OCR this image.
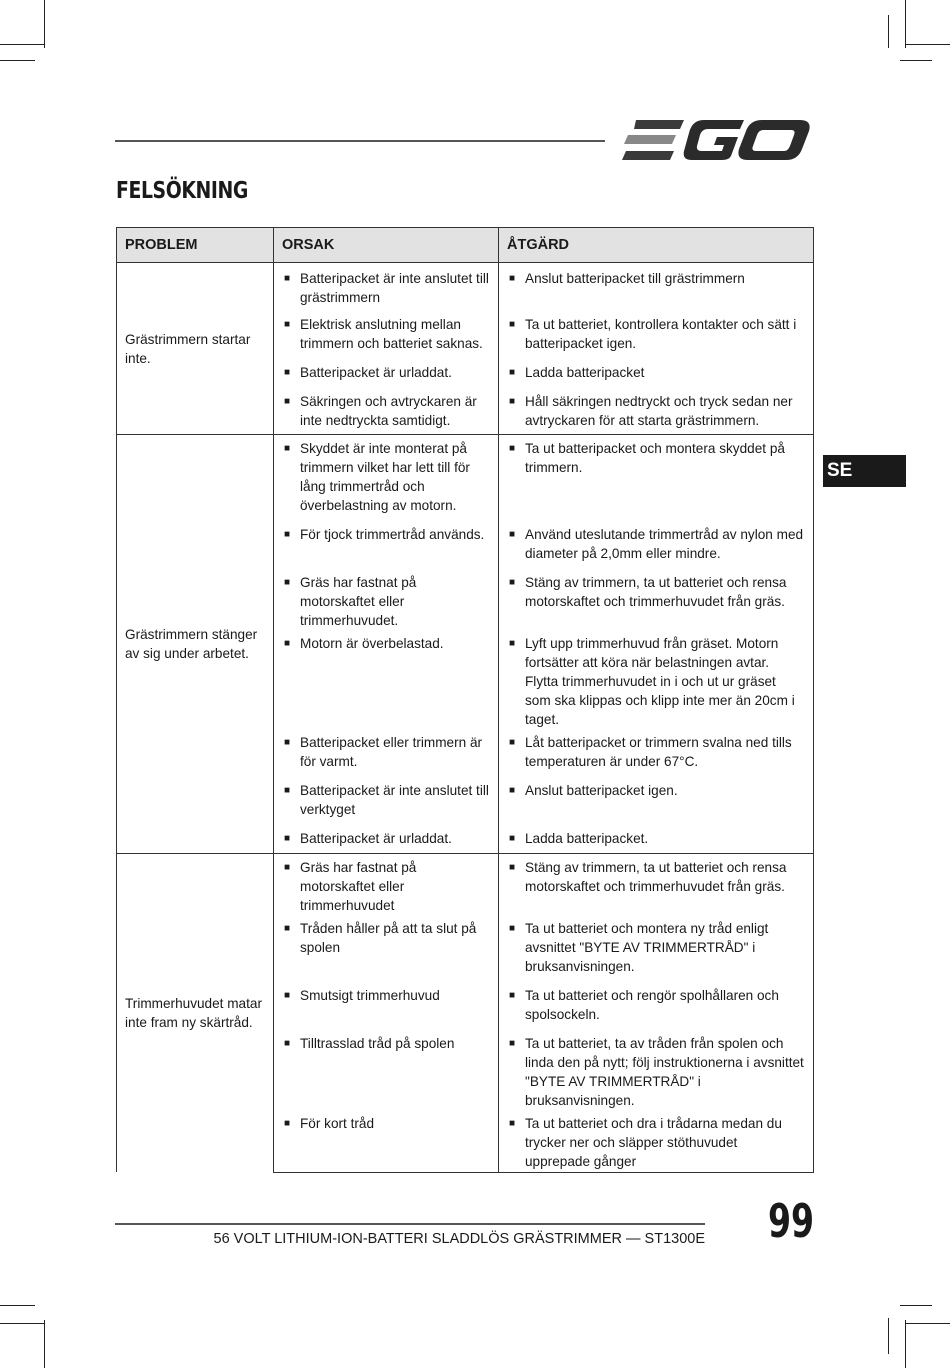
FELSÖKNING
SE
PROBLEM	ORSAK	ÅTGÄRD
Grästrimmern startar inte.	■ Batteripacket är inte anslutet till grästrimmern	■ Anslut batteripacket till grästrimmern

	■ Elektrisk anslutning mellan trimmern och batteriet saknas.	■ Ta ut batteriet, kontrollera kontakter och sätt i batteripacket igen.

	■ Batteripacket är urladdat.	■ Ladda batteripacket

	■ Säkringen och avtryckaren är inte nedtryckta samtidigt.	■ Håll säkringen nedtryckt och tryck sedan ner avtryckaren för att starta grästrimmern.

Grästrimmern stänger av sig under arbetet.	■ Skyddet är inte monterat på trimmern vilket har lett till för lång trimmertråd och överbelastning av motorn.	■ Ta ut batteripacket och montera skyddet på trimmern.

	■ För tjock trimmertråd används.	■ Använd uteslutande trimmertråd av nylon med diameter på 2,0mm eller mindre.

	■ Gräs har fastnat på motorskaftet eller trimmerhuvudet.	■ Stäng av trimmern, ta ut batteriet och rensa motorskaftet och trimmerhuvudet från gräs.

	■ Motorn är överbelastad.	■ Lyft upp trimmerhuvud från gräset. Motorn fortsätter att köra när belastningen avtar. Flytta trimmerhuvudet in i och ut ur gräset som ska klippas och klipp inte mer än 20cm i taget.

	■ Batteripacket eller trimmern är för varmt.	■ Låt batteripacket or trimmern svalna ned tills temperaturen är under 67°C.

	■ Batteripacket är inte anslutet till verktyget	■ Anslut batteripacket igen.

	■ Batteripacket är urladdat.	■ Ladda batteripacket.

Trimmerhuvudet matar inte fram ny skärtråd.	■ Gräs har fastnat på motorskaftet eller trimmerhuvudet	■ Stäng av trimmern, ta ut batteriet och rensa motorskaftet och trimmerhuvudet från gräs.

	■ Tråden håller på att ta slut på spolen	■ Ta ut batteriet och montera ny tråd enligt avsnittet "BYTE AV TRIMMERTRÅD" i bruksanvisningen.

	■ Smutsigt trimmerhuvud	■ Ta ut batteriet och rengör spolhållaren och spolsockeln.

	■ Tilltrasslad tråd på spolen	■ Ta ut batteriet, ta av tråden från spolen och linda den på nytt; följ instruktionerna i avsnittet "BYTE AV TRIMMERTRÅD" i bruksanvisningen.

	■ För kort tråd	■ Ta ut batteriet och dra i trådarna medan du trycker ner och släpper stöthuvudet upprepade gånger
56 VOLT LITHIUM-ION-BATTERI SLADDLÖS GRÄSTRIMMER — ST1300E 99
